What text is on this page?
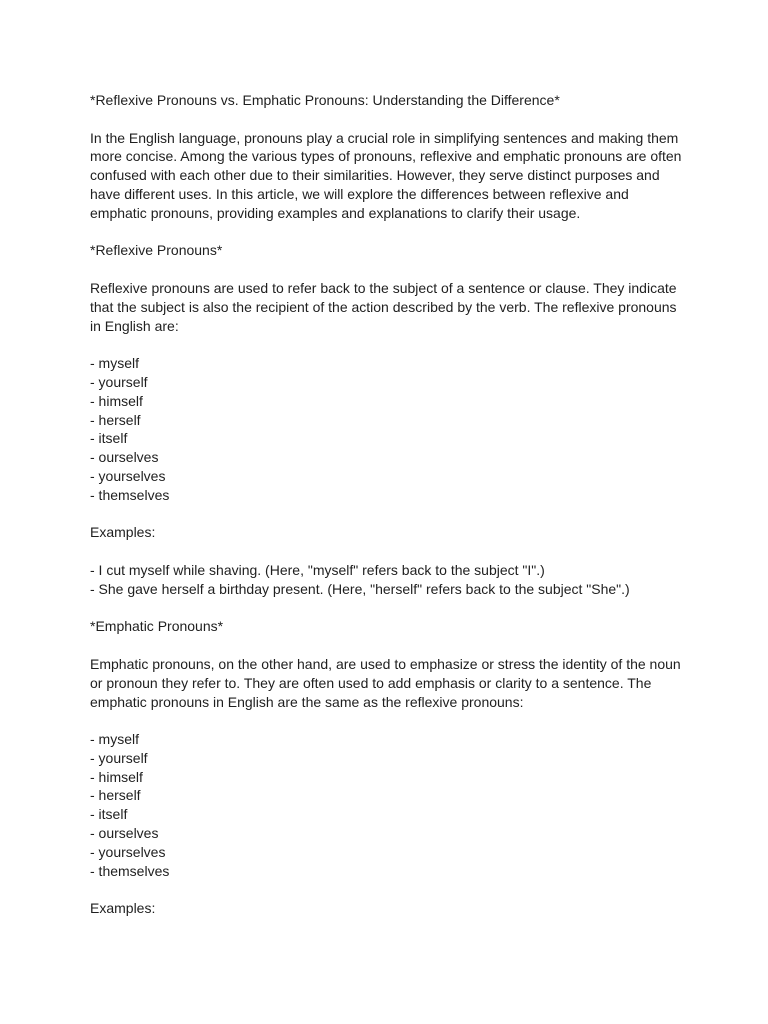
*Reflexive Pronouns vs. Emphatic Pronouns: Understanding the Difference*
In the English language, pronouns play a crucial role in simplifying sentences and making them
more concise. Among the various types of pronouns, reflexive and emphatic pronouns are often
confused with each other due to their similarities. However, they serve distinct purposes and
have different uses. In this article, we will explore the differences between reflexive and
emphatic pronouns, providing examples and explanations to clarify their usage.
*Reflexive Pronouns*
Reflexive pronouns are used to refer back to the subject of a sentence or clause. They indicate
that the subject is also the recipient of the action described by the verb. The reflexive pronouns
in English are:
- myself
- yourself
- himself
- herself
- itself
- ourselves
- yourselves
- themselves
Examples:
- I cut myself while shaving. (Here, "myself" refers back to the subject "I".)
- She gave herself a birthday present. (Here, "herself" refers back to the subject "She".)
*Emphatic Pronouns*
Emphatic pronouns, on the other hand, are used to emphasize or stress the identity of the noun
or pronoun they refer to. They are often used to add emphasis or clarity to a sentence. The
emphatic pronouns in English are the same as the reflexive pronouns:
- myself
- yourself
- himself
- herself
- itself
- ourselves
- yourselves
- themselves
Examples:
